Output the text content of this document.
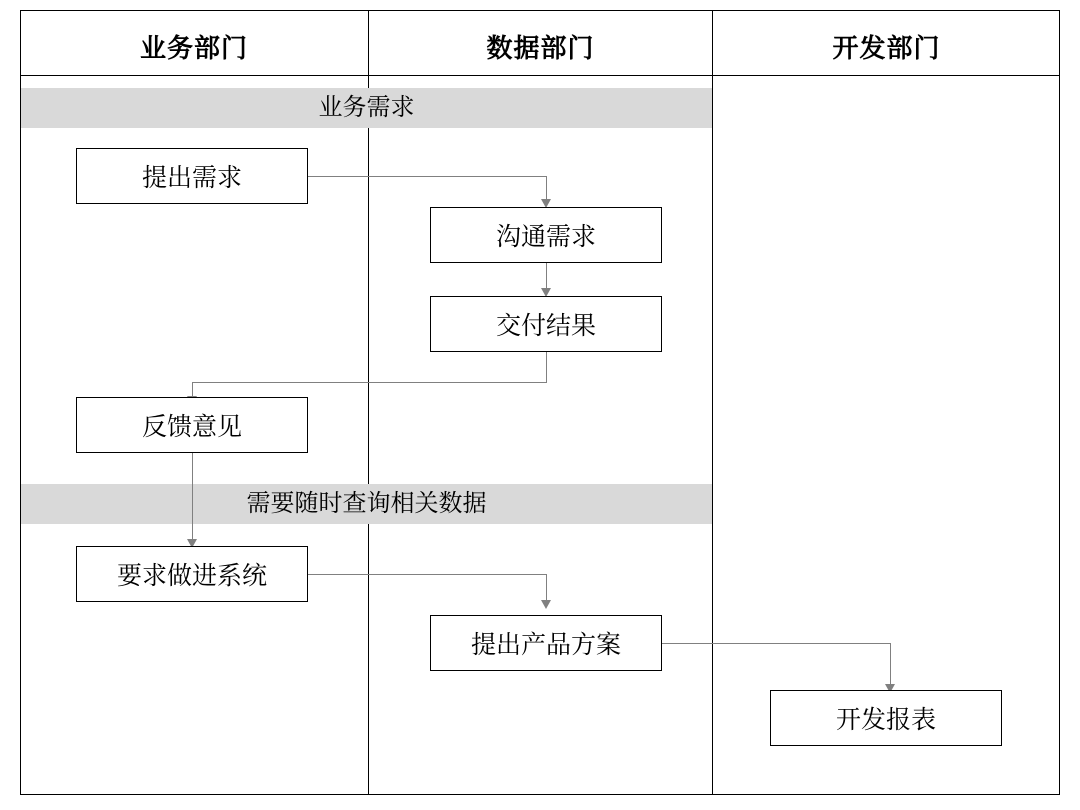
业务部门	数据部门	开发部门
业务需求
需要随时查询相关数据
提出需求
沟通需求
交付结果
反馈意见
要求做进系统
提出产品方案
开发报表
